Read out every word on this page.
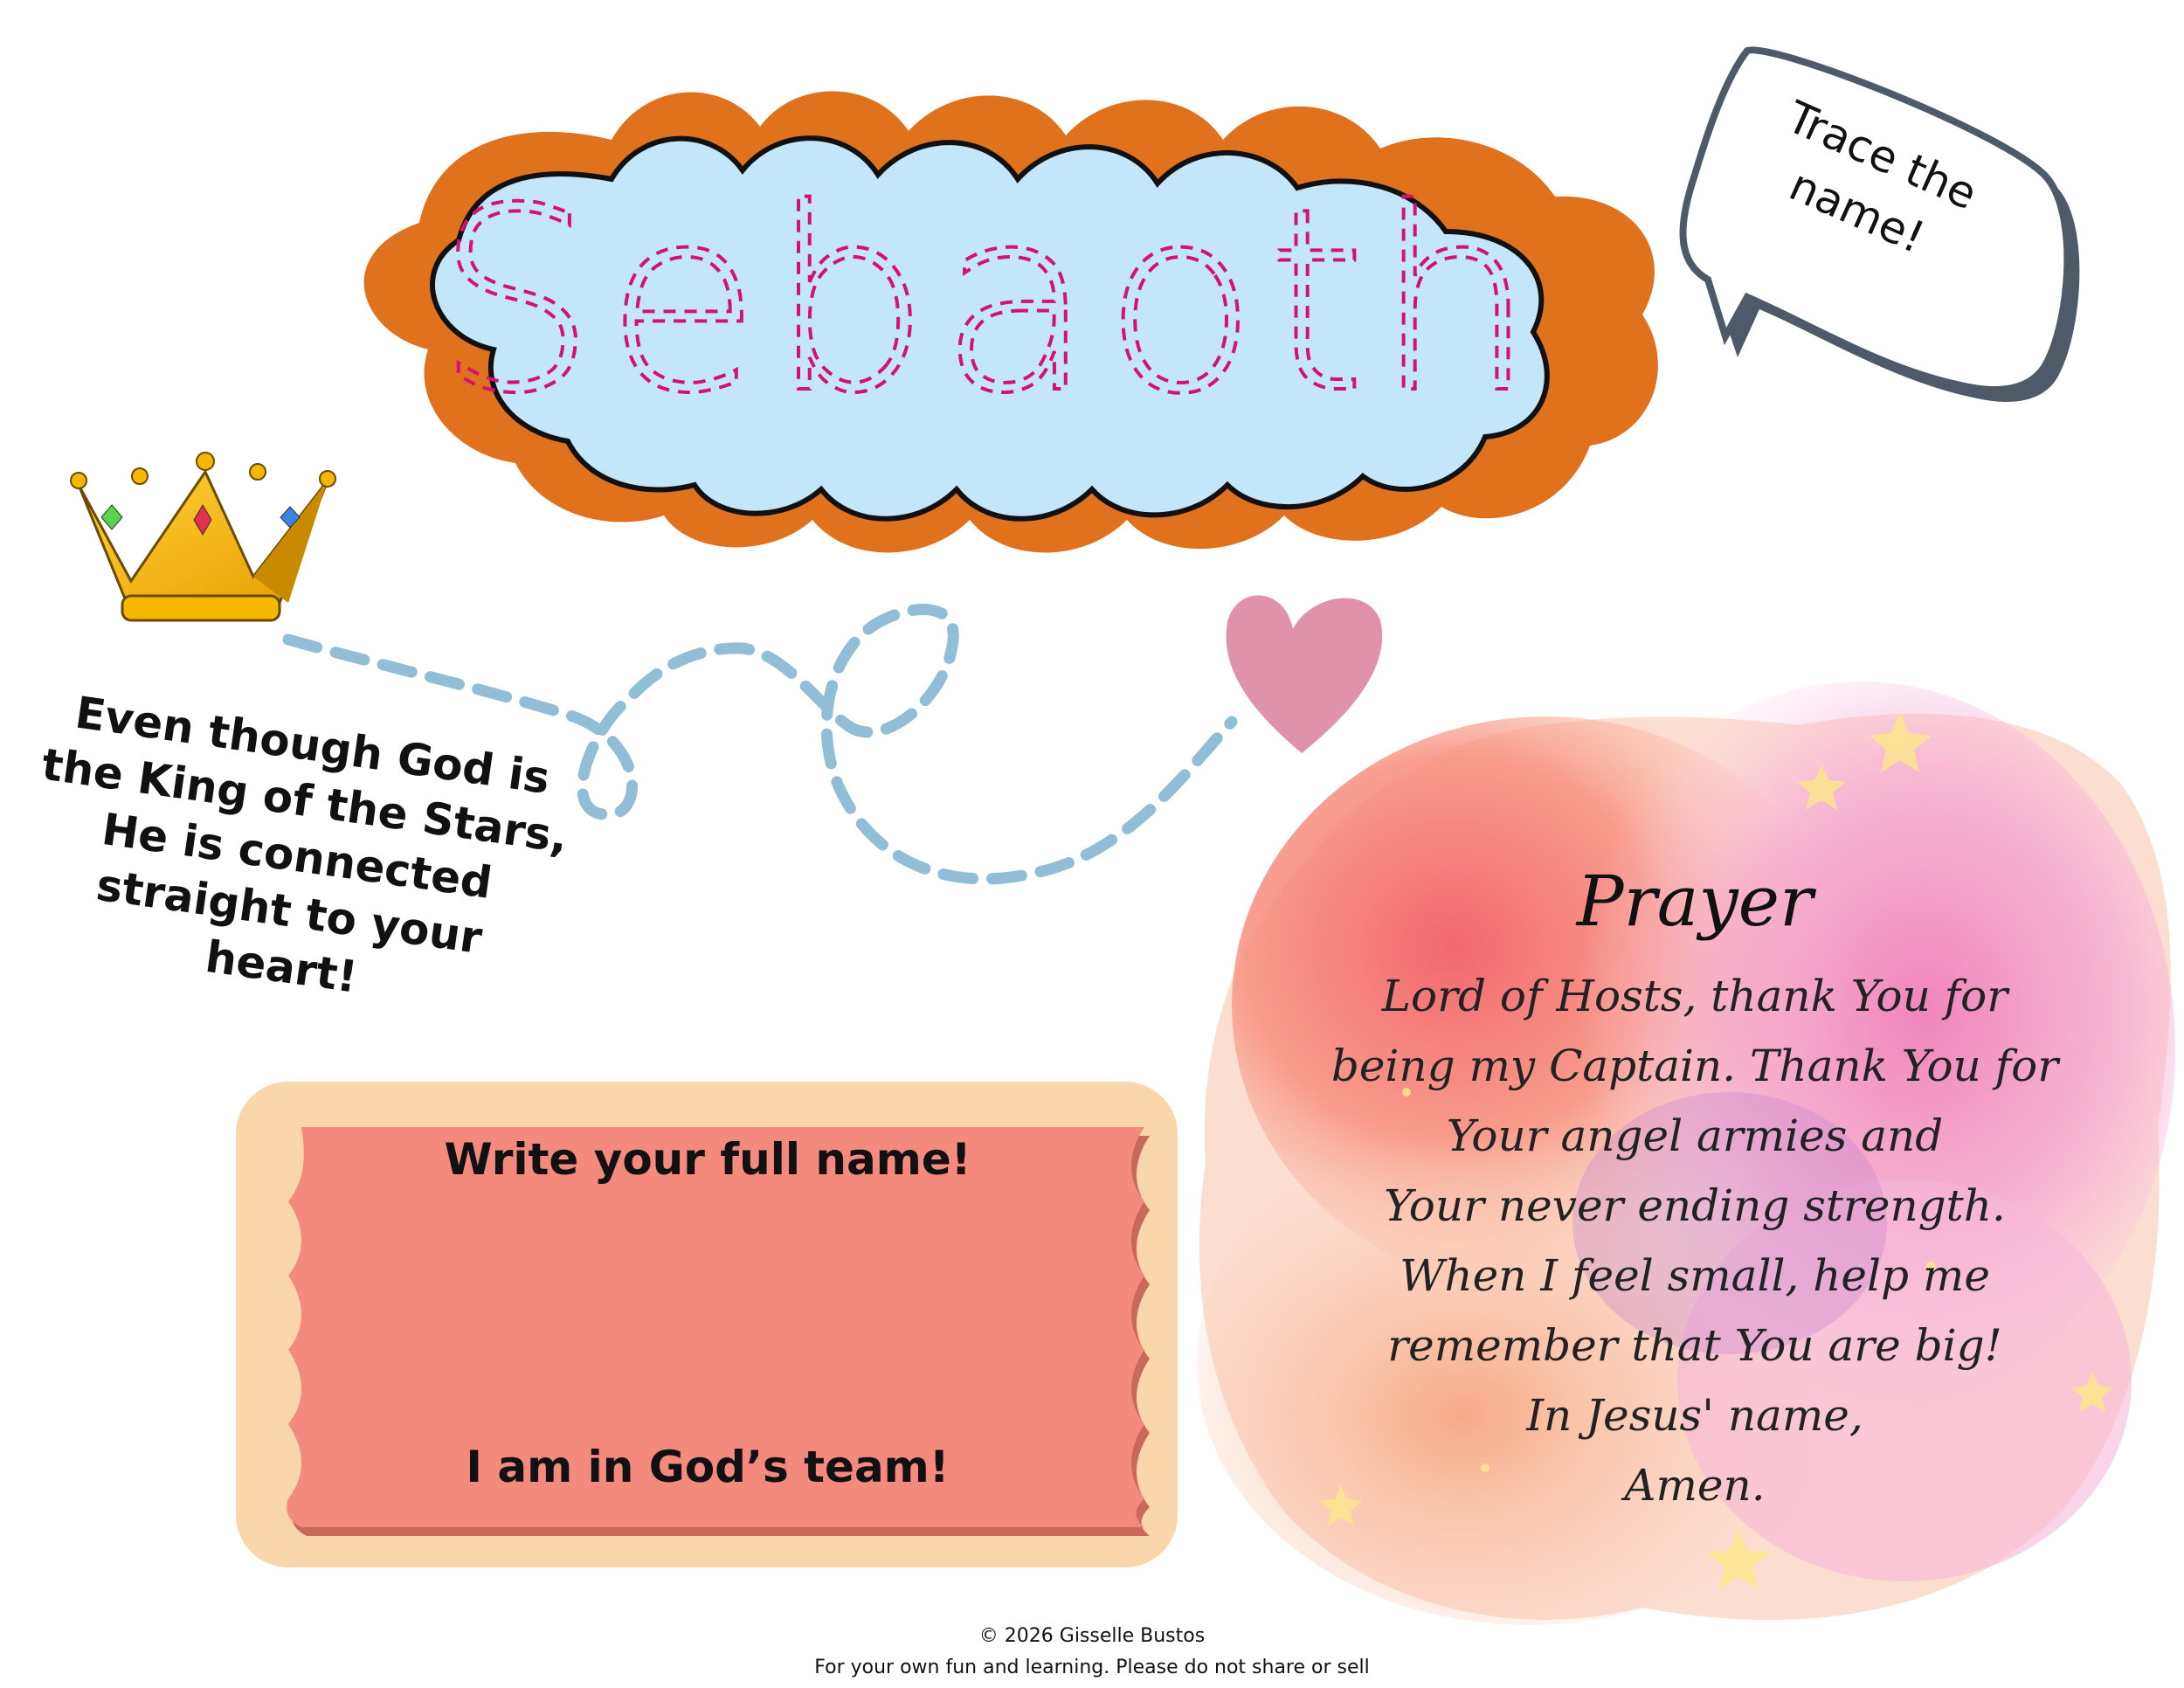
Sebaoth	Trace the name!
Even though God is the King of the Stars, He is connected straight to your heart!
Write your full name!
I am in God’s team!
Prayer
Lord of Hosts, thank You for
being my Captain. Thank You for
Your angel armies and
Your never ending strength.
When I feel small, help me
remember that You are big!
In Jesus' name,
Amen.
© 2026 Gisselle Bustos
For your own fun and learning. Please do not share or sell
